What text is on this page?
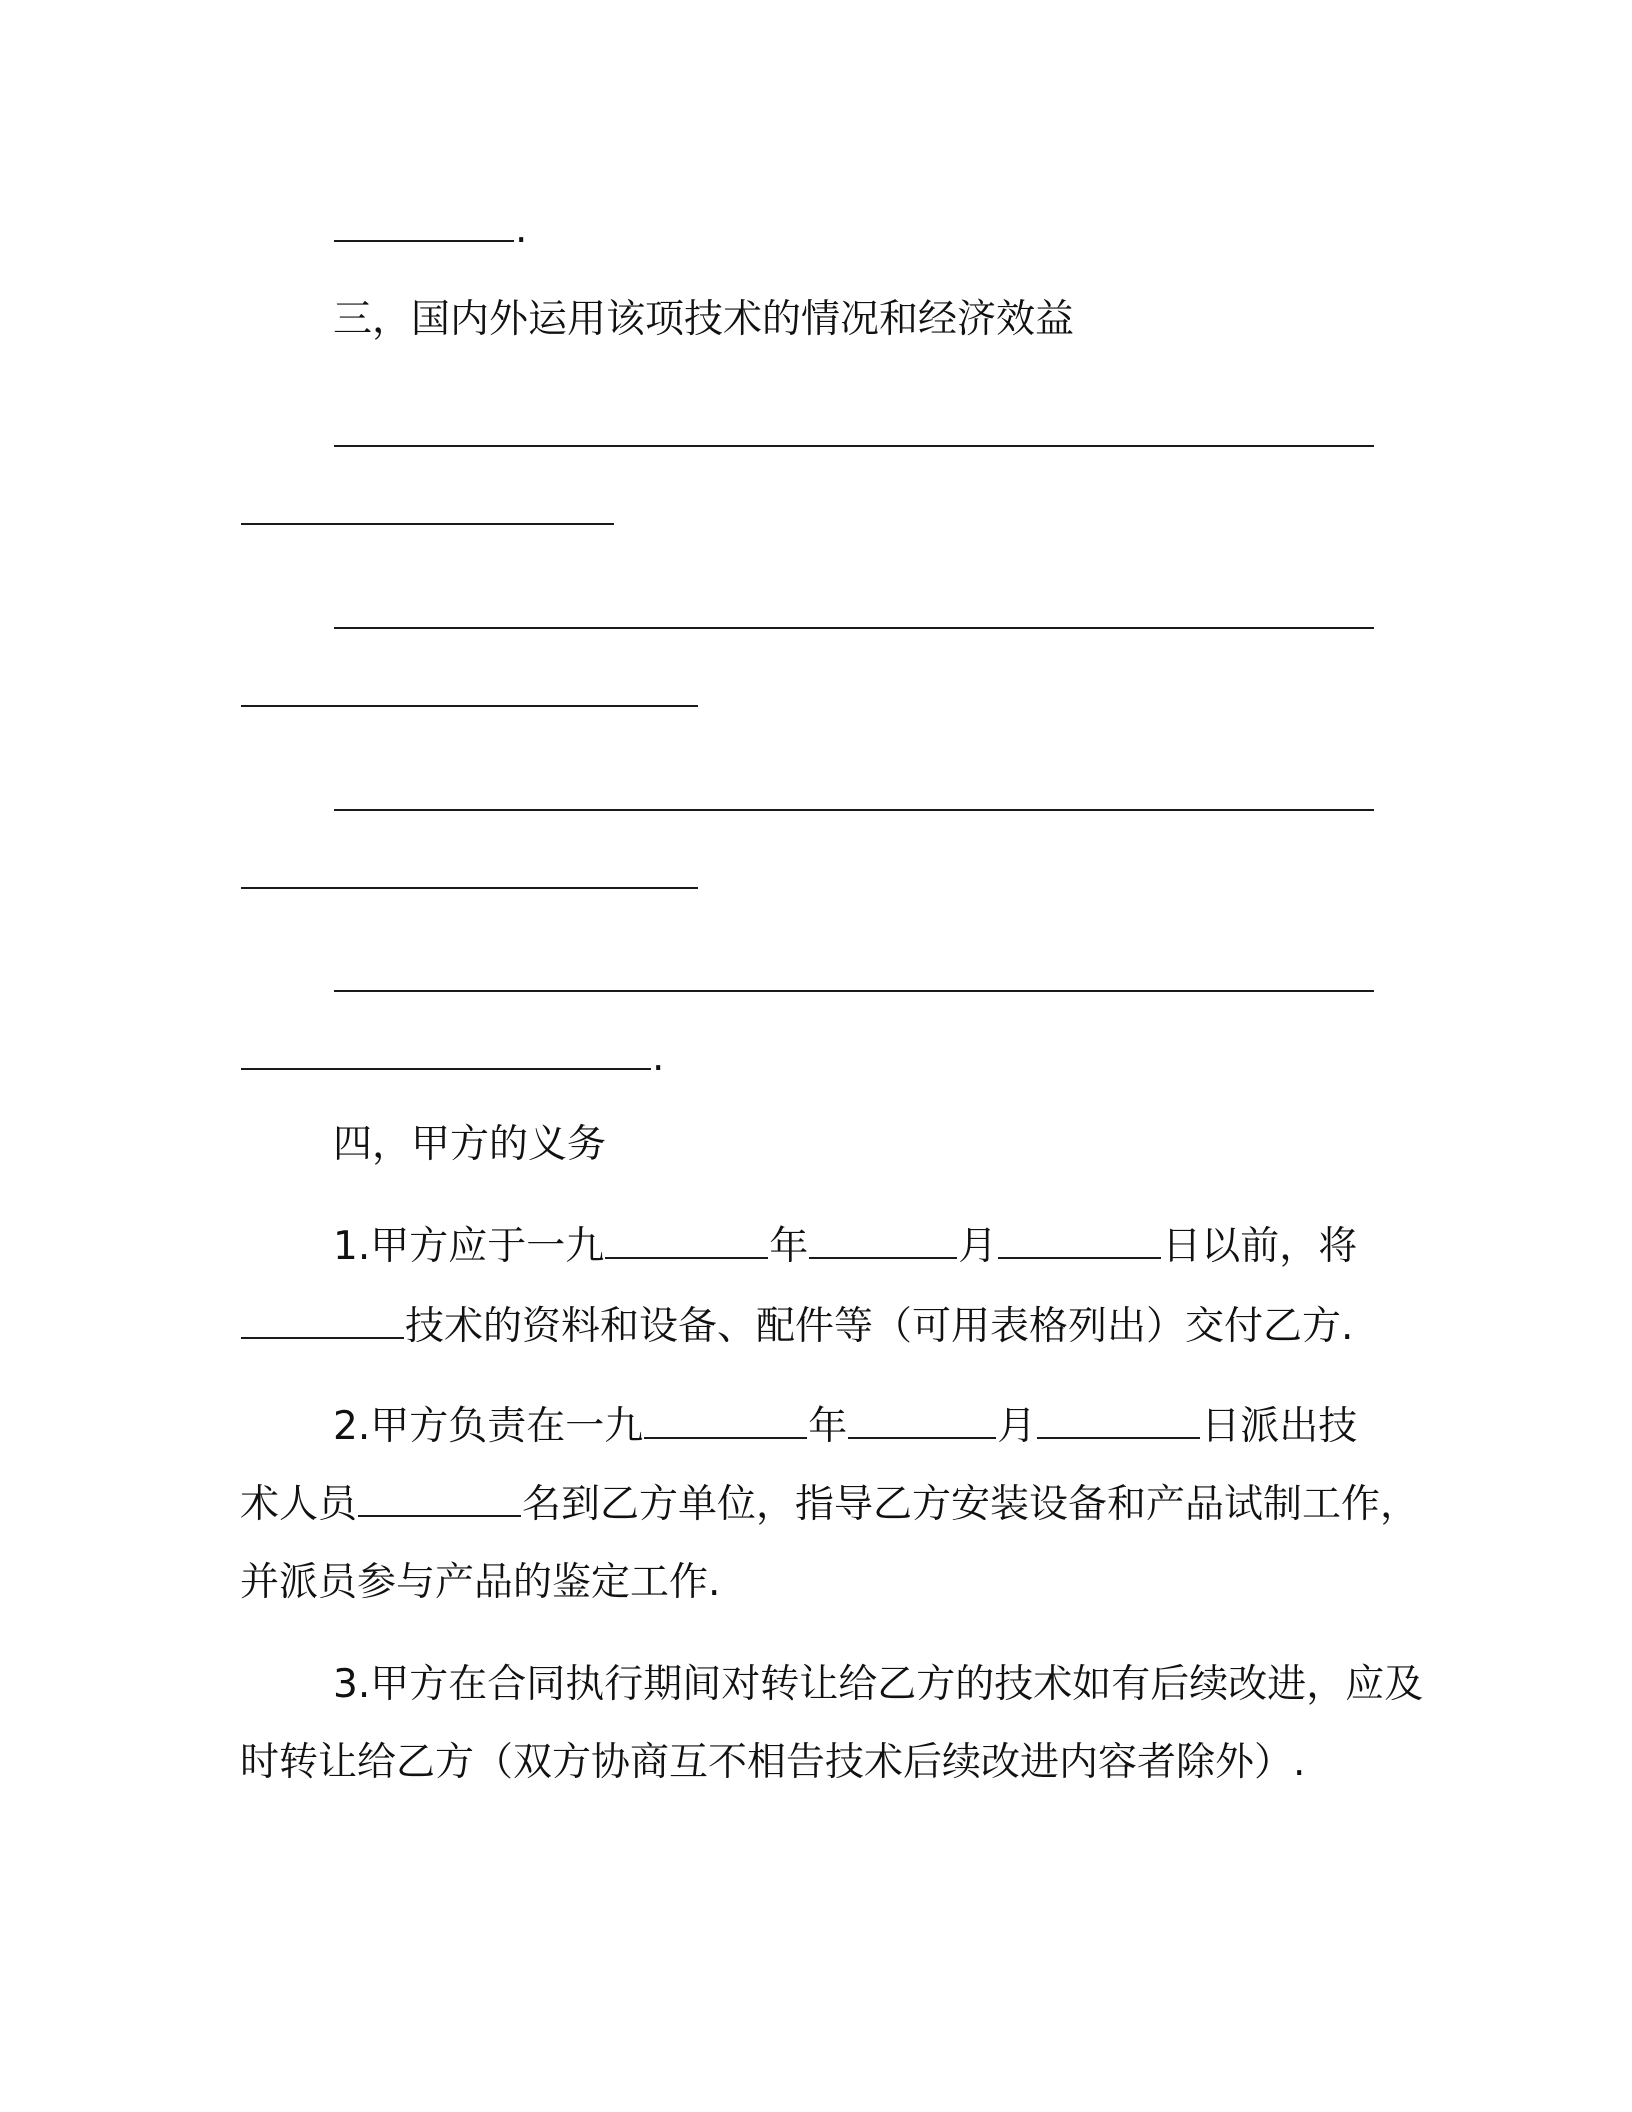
.

三，国内外运用该项技术的情况和经济效益

.

四，甲方的义务

1.甲方应于一九	年	月	日以前，将

技术的资料和设备、配件等（可用表格列出）交付乙方.

2.甲方负责在一九	年	月	日派出技

术人员	名到乙方单位，指导乙方安装设备和产品试制工作，

并派员参与产品的鉴定工作.

3.甲方在合同执行期间对转让给乙方的技术如有后续改进，应及

时转让给乙方（双方协商互不相告技术后续改进内容者除外）.
